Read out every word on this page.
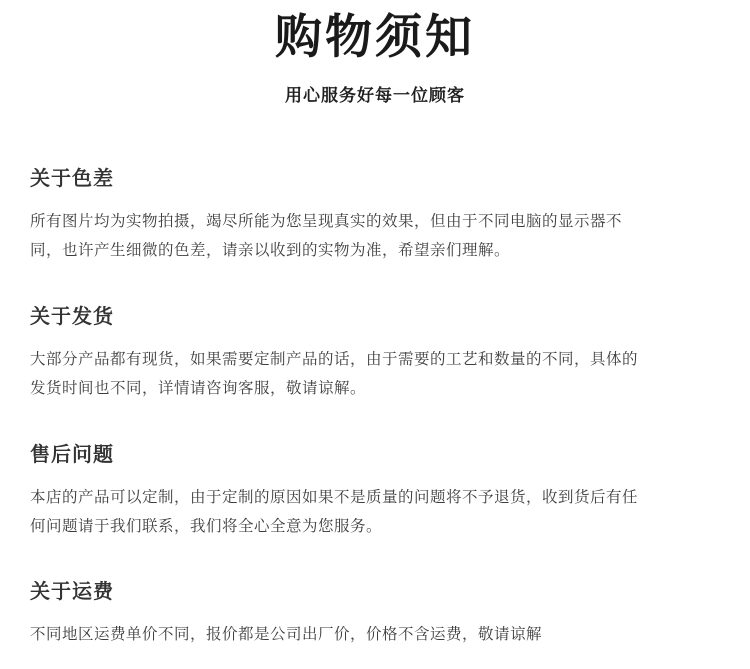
购物须知

用心服务好每一位顾客

关于色差

所有图片均为实物拍摄，竭尽所能为您呈现真实的效果，但由于不同电脑的显示器不同，也许产生细微的色差，请亲以收到的实物为准，希望亲们理解。

关于发货

大部分产品都有现货，如果需要定制产品的话，由于需要的工艺和数量的不同，具体的发货时间也不同，详情请咨询客服，敬请谅解。

售后问题

本店的产品可以定制，由于定制的原因如果不是质量的问题将不予退货，收到货后有任何问题请于我们联系，我们将全心全意为您服务。

关于运费

不同地区运费单价不同，报价都是公司出厂价，价格不含运费，敬请谅解
